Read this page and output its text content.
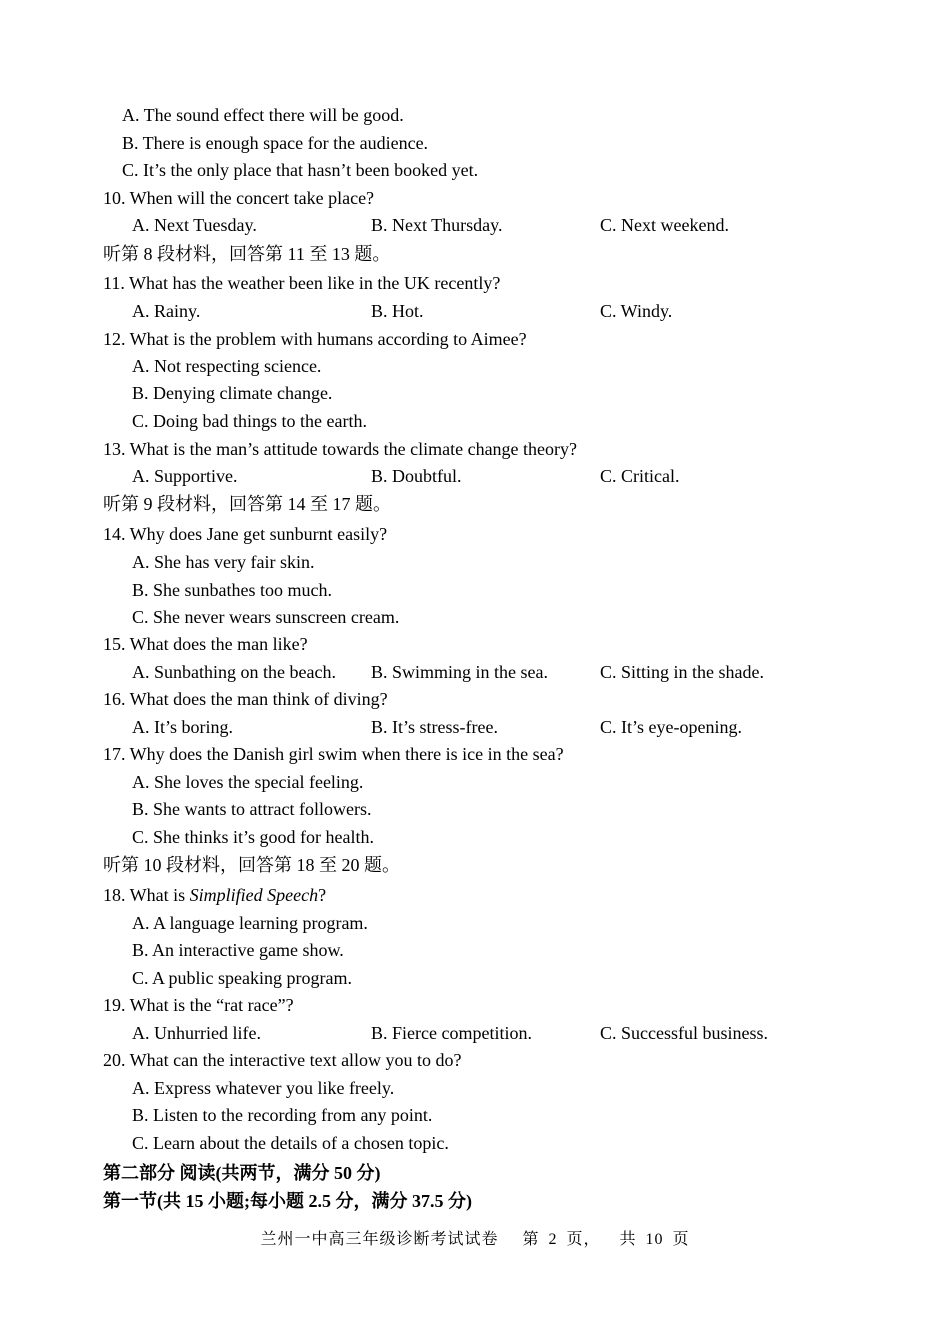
A. The sound effect there will be good.
B. There is enough space for the audience.
C. It’s the only place that hasn’t been booked yet.
10. When will the concert take place?
A. Next Tuesday.	B. Next Thursday.	C. Next weekend.
听第 8 段材料，回答第 11 至 13 题。
11. What has the weather been like in the UK recently?
A. Rainy.	B. Hot.	C. Windy.
12. What is the problem with humans according to Aimee?
A. Not respecting science.
B. Denying climate change.
C. Doing bad things to the earth.
13. What is the man’s attitude towards the climate change theory?
A. Supportive.	B. Doubtful.	C. Critical.
听第 9 段材料，回答第 14 至 17 题。
14. Why does Jane get sunburnt easily?
A. She has very fair skin.
B. She sunbathes too much.
C. She never wears sunscreen cream.
15. What does the man like?
A. Sunbathing on the beach. B. Swimming in the sea.	C. Sitting in the shade.
16. What does the man think of diving?
A. It’s boring.	B. It’s stress-free.	C. It’s eye-opening.
17. Why does the Danish girl swim when there is ice in the sea?
A. She loves the special feeling.
B. She wants to attract followers.
C. She thinks it’s good for health.
听第 10 段材料，回答第 18 至 20 题。
18. What is Simplified Speech?
A. A language learning program.
B. An interactive game show.
C. A public speaking program.
19. What is the “rat race”?
A. Unhurried life.	B. Fierce competition.	C. Successful business.
20. What can the interactive text allow you to do?
A. Express whatever you like freely.
B. Listen to the recording from any point.
C. Learn about the details of a chosen topic.
第二部分 阅读(共两节，满分 50 分)
第一节(共 15 小题;每小题 2.5 分，满分 37.5 分)
兰州一中高三年级诊断考试试卷 第 2 页， 共 10 页
